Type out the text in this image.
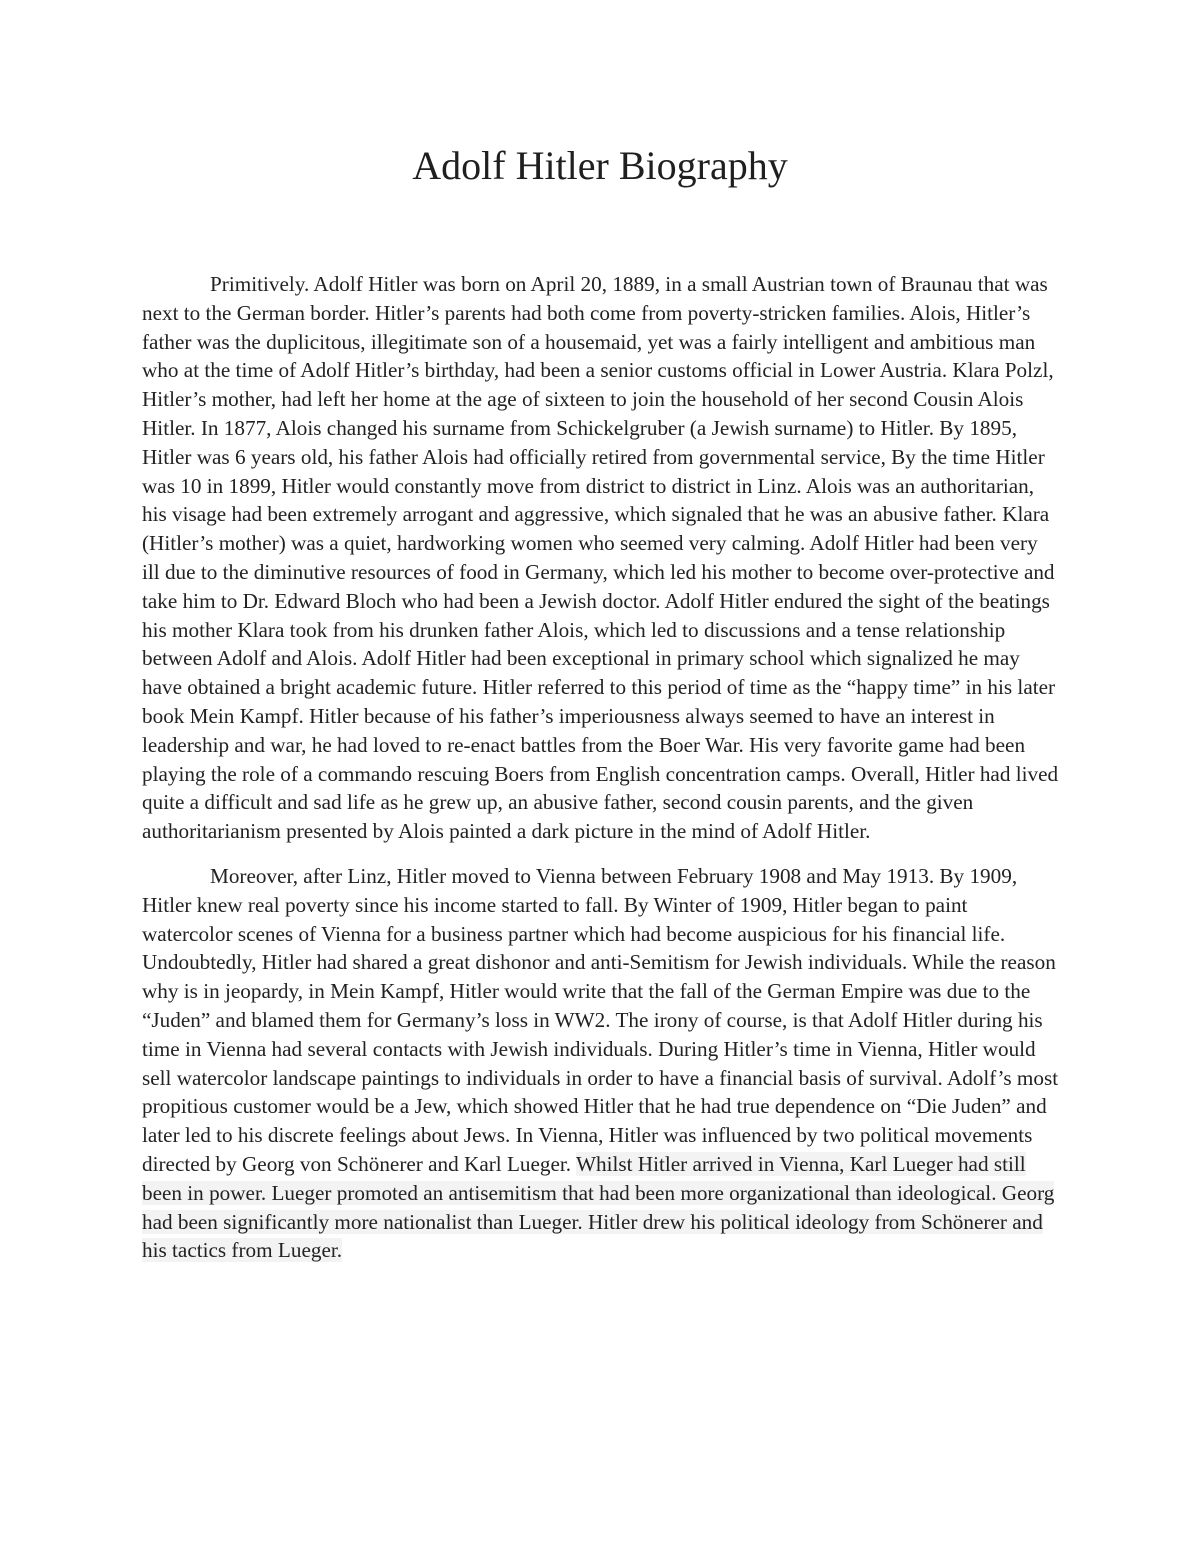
Adolf Hitler Biography

Primitively. Adolf Hitler was born on April 20, 1889, in a small Austrian town of Braunau that was next to the German border. Hitler’s parents had both come from poverty-stricken families. Alois, Hitler’s father was the duplicitous, illegitimate son of a housemaid, yet was a fairly intelligent and ambitious man who at the time of Adolf Hitler’s birthday, had been a senior customs official in Lower Austria. Klara Polzl, Hitler’s mother, had left her home at the age of sixteen to join the household of her second Cousin Alois Hitler. In 1877, Alois changed his surname from Schickelgruber (a Jewish surname) to Hitler. By 1895, Hitler was 6 years old, his father Alois had officially retired from governmental service, By the time Hitler was 10 in 1899, Hitler would constantly move from district to district in Linz. Alois was an authoritarian, his visage had been extremely arrogant and aggressive, which signaled that he was an abusive father. Klara (Hitler’s mother) was a quiet, hardworking women who seemed very calming. Adolf Hitler had been very ill due to the diminutive resources of food in Germany, which led his mother to become over-protective and take him to Dr. Edward Bloch who had been a Jewish doctor. Adolf Hitler endured the sight of the beatings his mother Klara took from his drunken father Alois, which led to discussions and a tense relationship between Adolf and Alois. Adolf Hitler had been exceptional in primary school which signalized he may have obtained a bright academic future. Hitler referred to this period of time as the “happy time” in his later book Mein Kampf. Hitler because of his father’s imperiousness always seemed to have an interest in leadership and war, he had loved to re-enact battles from the Boer War. His very favorite game had been playing the role of a commando rescuing Boers from English concentration camps. Overall, Hitler had lived quite a difficult and sad life as he grew up, an abusive father, second cousin parents, and the given authoritarianism presented by Alois painted a dark picture in the mind of Adolf Hitler.

Moreover, after Linz, Hitler moved to Vienna between February 1908 and May 1913. By 1909, Hitler knew real poverty since his income started to fall. By Winter of 1909, Hitler began to paint watercolor scenes of Vienna for a business partner which had become auspicious for his financial life. Undoubtedly, Hitler had shared a great dishonor and anti-Semitism for Jewish individuals. While the reason why is in jeopardy, in Mein Kampf, Hitler would write that the fall of the German Empire was due to the “Juden” and blamed them for Germany’s loss in WW2. The irony of course, is that Adolf Hitler during his time in Vienna had several contacts with Jewish individuals. During Hitler’s time in Vienna, Hitler would sell watercolor landscape paintings to individuals in order to have a financial basis of survival. Adolf’s most propitious customer would be a Jew, which showed Hitler that he had true dependence on “Die Juden” and later led to his discrete feelings about Jews. In Vienna, Hitler was influenced by two political movements directed by Georg von Schönerer and Karl Lueger. Whilst Hitler arrived in Vienna, Karl Lueger had still been in power. Lueger promoted an antisemitism that had been more organizational than ideological. Georg had been significantly more nationalist than Lueger. Hitler drew his political ideology from Schönerer and his tactics from Lueger.
